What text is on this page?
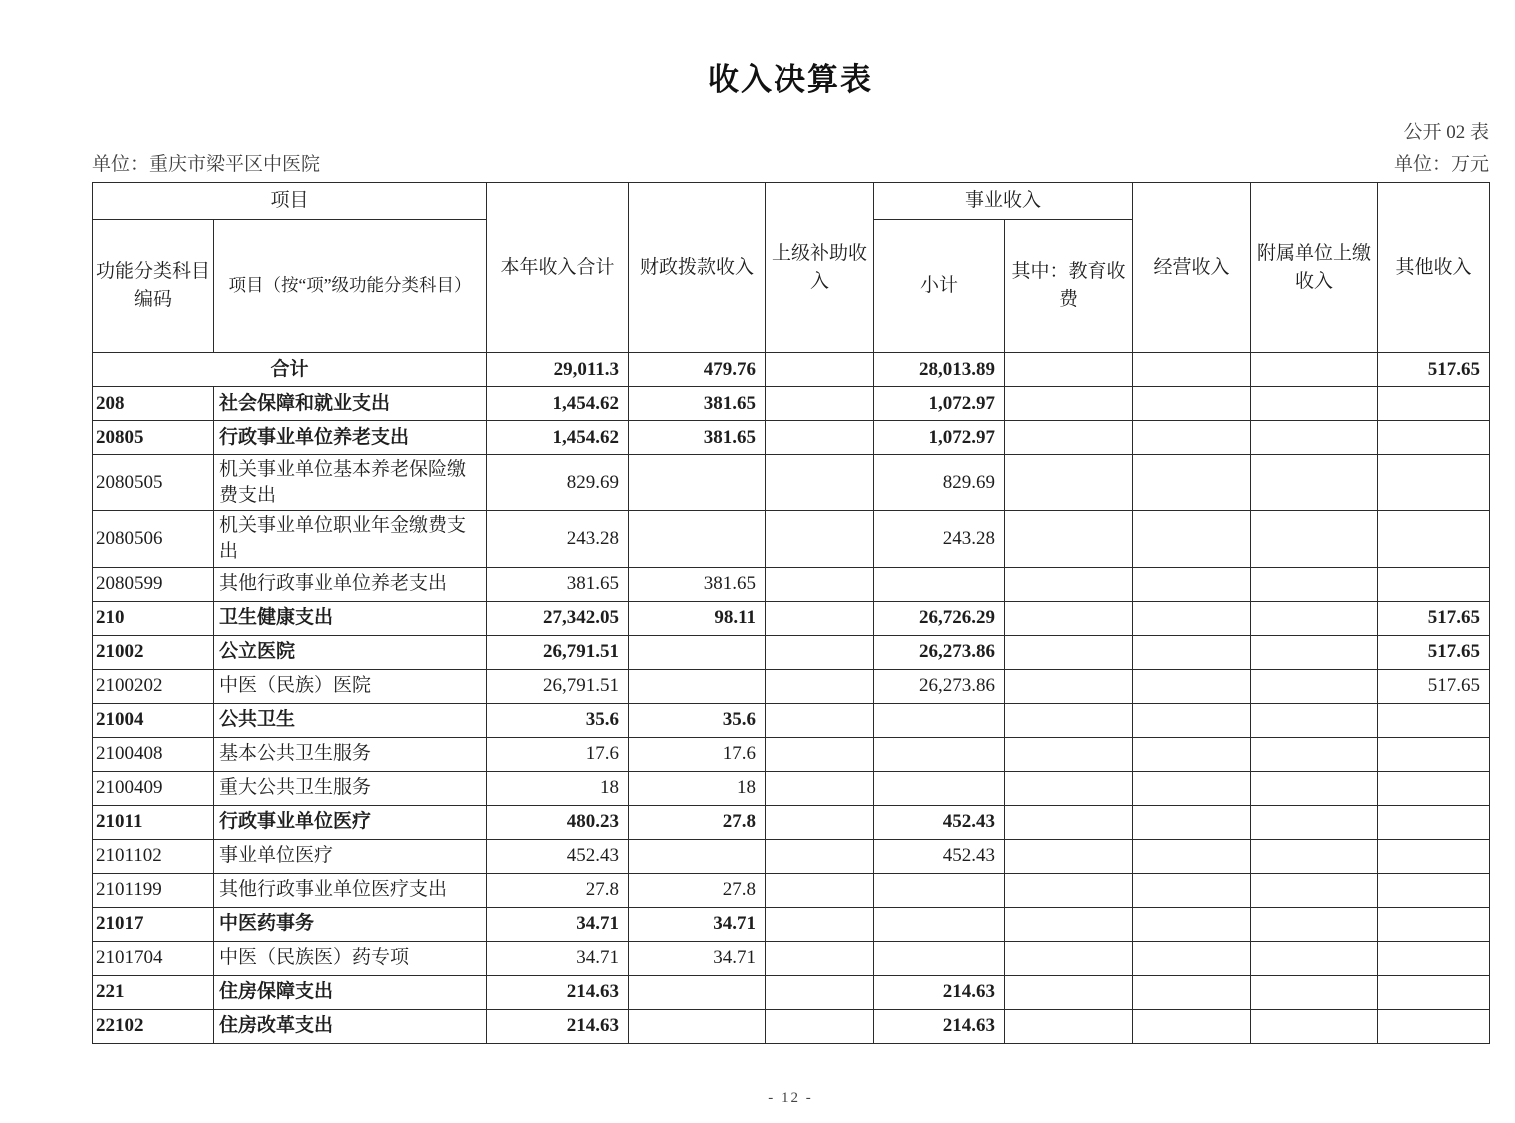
收入决算表
公开 02 表
单位：重庆市梁平区中医院	单位：万元
项目		本年收入合计	财政拨款收入	上级补助收入	事业收入		经营收入	附属单位上缴收入	其他收入
功能分类科目编码	项目（按“项”级功能分类科目）				小计	其中：教育收费			
合计		29,011.3	479.76		28,013.89				517.65
208	社会保障和就业支出	1,454.62	381.65		1,072.97				
20805	行政事业单位养老支出	1,454.62	381.65		1,072.97				
2080505	机关事业单位基本养老保险缴费支出	829.69			829.69				
2080506	机关事业单位职业年金缴费支出	243.28			243.28				
2080599	其他行政事业单位养老支出	381.65	381.65						
210	卫生健康支出	27,342.05	98.11		26,726.29				517.65
21002	公立医院	26,791.51			26,273.86				517.65
2100202	中医（民族）医院	26,791.51			26,273.86				517.65
21004	公共卫生	35.6	35.6						
2100408	基本公共卫生服务	17.6	17.6						
2100409	重大公共卫生服务	18	18						
21011	行政事业单位医疗	480.23	27.8		452.43				
2101102	事业单位医疗	452.43			452.43				
2101199	其他行政事业单位医疗支出	27.8	27.8						
21017	中医药事务	34.71	34.71						
2101704	中医（民族医）药专项	34.71	34.71						
221	住房保障支出	214.63			214.63				
22102	住房改革支出	214.63			214.63				
- 12 -
